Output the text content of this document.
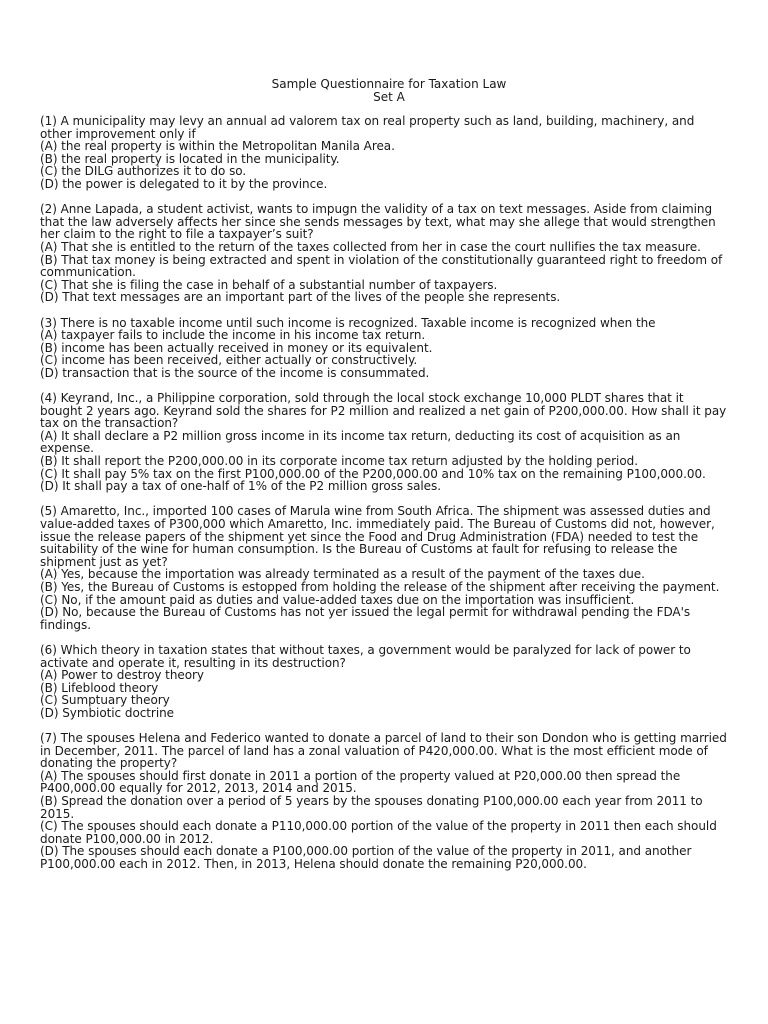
Sample Questionnaire for Taxation Law
Set A

(1) A municipality may levy an annual ad valorem tax on real property such as land, building, machinery, and other improvement only if

(A) the real property is within the Metropolitan Manila Area.

(B) the real property is located in the municipality.

(C) the DILG authorizes it to do so.

(D) the power is delegated to it by the province.

(2) Anne Lapada, a student activist, wants to impugn the validity of a tax on text messages. Aside from claiming that the law adversely affects her since she sends messages by text, what may she allege that would strengthen her claim to the right to file a taxpayer’s suit?

(A) That she is entitled to the return of the taxes collected from her in case the court nullifies the tax measure.

(B) That tax money is being extracted and spent in violation of the constitutionally guaranteed right to freedom of communication.

(C) That she is filing the case in behalf of a substantial number of taxpayers.

(D) That text messages are an important part of the lives of the people she represents.

(3) There is no taxable income until such income is recognized. Taxable income is recognized when the

(A) taxpayer fails to include the income in his income tax return.

(B) income has been actually received in money or its equivalent.

(C) income has been received, either actually or constructively.

(D) transaction that is the source of the income is consummated.

(4) Keyrand, Inc., a Philippine corporation, sold through the local stock exchange 10,000 PLDT shares that it bought 2 years ago. Keyrand sold the shares for P2 million and realized a net gain of P200,000.00. How shall it pay tax on the transaction?

(A) It shall declare a P2 million gross income in its income tax return, deducting its cost of acquisition as an expense.

(B) It shall report the P200,000.00 in its corporate income tax return adjusted by the holding period.

(C) It shall pay 5% tax on the first P100,000.00 of the P200,000.00 and 10% tax on the remaining P100,000.00.

(D) It shall pay a tax of one-half of 1% of the P2 million gross sales.

(5) Amaretto, Inc., imported 100 cases of Marula wine from South Africa. The shipment was assessed duties and value-added taxes of P300,000 which Amaretto, Inc. immediately paid. The Bureau of Customs did not, however, issue the release papers of the shipment yet since the Food and Drug Administration (FDA) needed to test the suitability of the wine for human consumption. Is the Bureau of Customs at fault for refusing to release the shipment just as yet?

(A) Yes, because the importation was already terminated as a result of the payment of the taxes due.

(B) Yes, the Bureau of Customs is estopped from holding the release of the shipment after receiving the payment.

(C) No, if the amount paid as duties and value-added taxes due on the importation was insufficient.

(D) No, because the Bureau of Customs has not yer issued the legal permit for withdrawal pending the FDA's findings.

(6) Which theory in taxation states that without taxes, a government would be paralyzed for lack of power to activate and operate it, resulting in its destruction?

(A) Power to destroy theory

(B) Lifeblood theory

(C) Sumptuary theory

(D) Symbiotic doctrine

(7) The spouses Helena and Federico wanted to donate a parcel of land to their son Dondon who is getting married in December, 2011. The parcel of land has a zonal valuation of P420,000.00. What is the most efficient mode of donating the property?

(A) The spouses should first donate in 2011 a portion of the property valued at P20,000.00 then spread the P400,000.00 equally for 2012, 2013, 2014 and 2015.

(B) Spread the donation over a period of 5 years by the spouses donating P100,000.00 each year from 2011 to 2015.

(C) The spouses should each donate a P110,000.00 portion of the value of the property in 2011 then each should donate P100,000.00 in 2012.

(D) The spouses should each donate a P100,000.00 portion of the value of the property in 2011, and another P100,000.00 each in 2012. Then, in 2013, Helena should donate the remaining P20,000.00.
